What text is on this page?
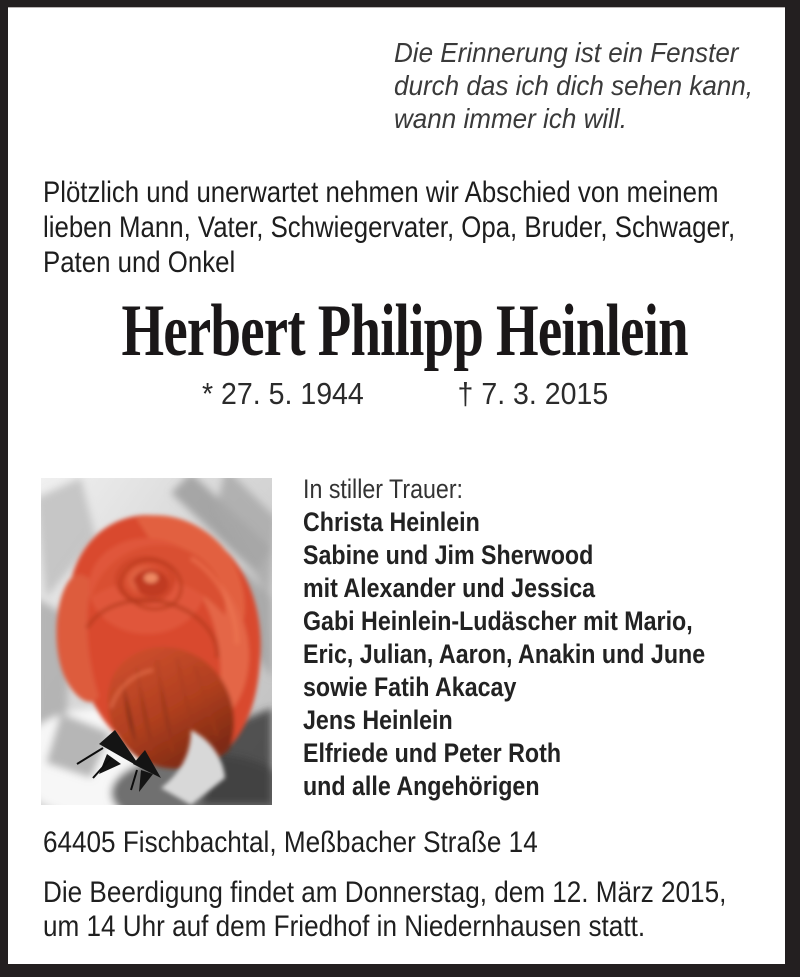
Die Erinnerung ist ein Fenster
durch das ich dich sehen kann,
wann immer ich will.
Plötzlich und unerwartet nehmen wir Abschied von meinem
lieben Mann, Vater, Schwiegervater, Opa, Bruder, Schwager,
Paten und Onkel
Herbert Philipp Heinlein
* 27. 5. 1944	† 7. 3. 2015
In stiller Trauer:
Christa Heinlein
Sabine und Jim Sherwood
mit Alexander und Jessica
Gabi Heinlein-Ludäscher mit Mario,
Eric, Julian, Aaron, Anakin und June
sowie Fatih Akacay
Jens Heinlein
Elfriede und Peter Roth
und alle Angehörigen
64405 Fischbachtal, Meßbacher Straße 14
Die Beerdigung findet am Donnerstag, dem 12. März 2015,
um 14 Uhr auf dem Friedhof in Niedernhausen statt.
